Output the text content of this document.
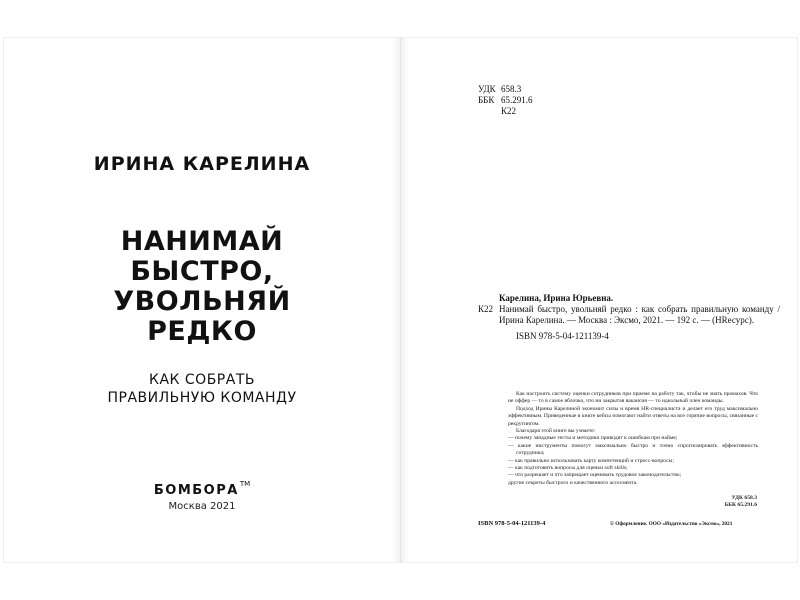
ИРИНА КАРЕЛИНА
НАНИМАЙ
БЫСТРО,
УВОЛЬНЯЙ
РЕДКО
КАК СОБРАТЬ
ПРАВИЛЬНУЮ КОМАНДУ
БОМБОРА™
Москва 2021
УДК 658.3
ББК 65.291.6
К22
К22
Карелина, Ирина Юрьевна.
Нанимай быстро, увольняй редко : как собрать правильную команду / Ирина Карелина. — Москва : Эксмо, 2021. — 192 с. — (HRесурс).
ISBN 978-5-04-121139-4

Как настроить систему оценки сотрудников при приеме на работу так, чтобы не знать промахов. Что не оффер — то в самое яблочко, что ни закрытая вакансия — то идеальный член команды.

Подход Ирины Карелиной экономит силы и время HR-специалиста и делает его труд максимально эффективным. Приведенные в книге кейсы помогают найти ответы на все горячие вопросы, связанные с рекрутингом.

Благодаря этой книге вы узнаете:

— почему западные тесты и методики приводят к ошибкам при найме;
— какие инструменты помогут максимально быстро и точно спрогнозировать эффективность сотрудника;
— как правильно использовать карту компетенций и стресс-вопросы;
— как подготовить вопросы для оценки soft skills;
— что разрешает и что запрещает оценивать трудовое законодательство;
другие секреты быстрого и качественного ассесмента.
УДК 658.3
ББК 65.291.6
ISBN 978-5-04-121139-4	© Оформление. ООО «Издательство «Эксмо», 2021
